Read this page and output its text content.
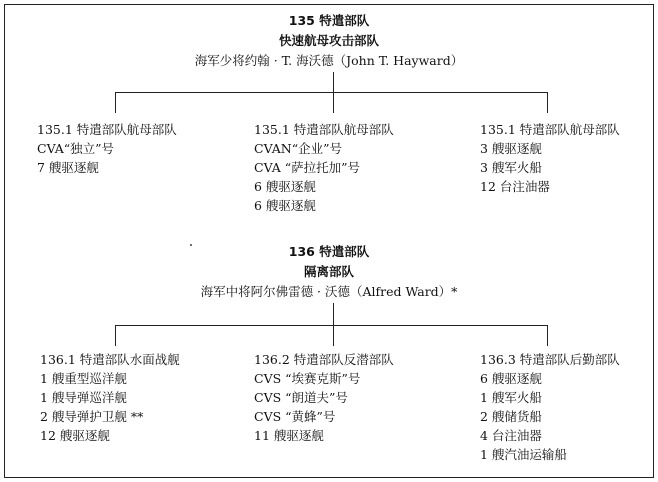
135 特遣部队
快速航母攻击部队
海军少将约翰 · T. 海沃德（John T. Hayward）
135.1 特遣部队航母部队
CVA“独立”号
7 艘驱逐舰
135.1 特遣部队航母部队
CVAN“企业”号
CVA “萨拉托加”号
6 艘驱逐舰
6 艘驱逐舰
135.1 特遣部队航母部队
3 艘驱逐舰
3 艘军火船
12 台注油器
136 特遣部队
隔离部队
海军中将阿尔佛雷德 · 沃德（Alfred Ward）*
136.1 特遣部队水面战舰
1 艘重型巡洋舰
1 艘导弹巡洋舰
2 艘导弹护卫舰 **
12 艘驱逐舰
136.2 特遣部队反潜部队
CVS “埃赛克斯”号
CVS “朗道夫”号
CVS “黄蜂”号
11 艘驱逐舰
136.3 特遣部队后勤部队
6 艘驱逐舰
1 艘军火船
2 艘储货船
4 台注油器
1 艘汽油运输船
